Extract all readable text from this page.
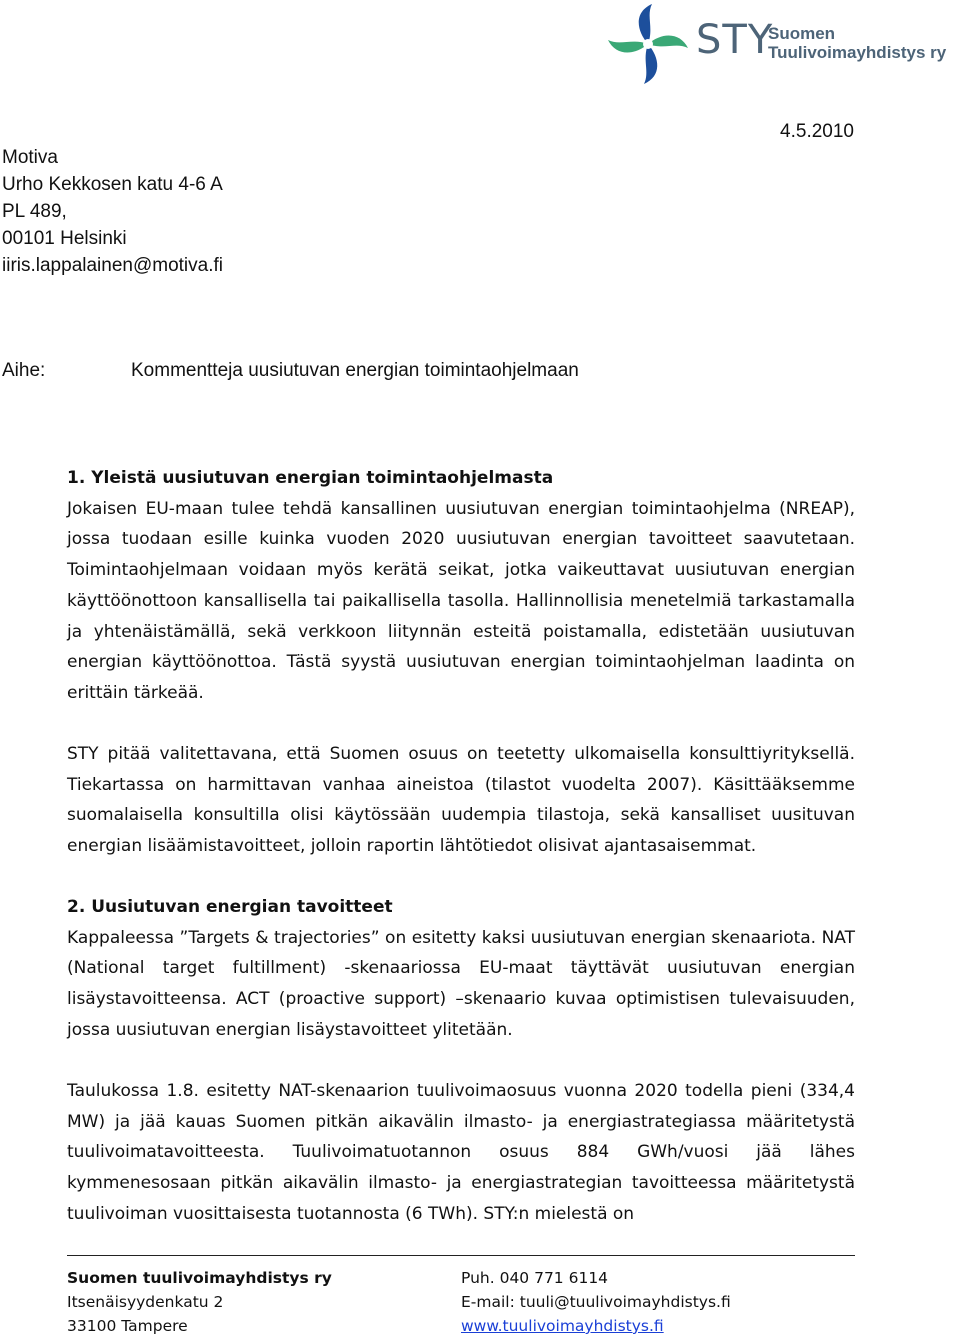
STY
Suomen
Tuulivoimayhdistys ry
4.5.2010
Motiva
Urho Kekkosen katu 4-6 A
PL 489,
00101 Helsinki
iiris.lappalainen@motiva.fi
Aihe:	Kommentteja uusiutuvan energian toimintaohjelmaan

1. Yleistä uusiutuvan energian toimintaohjelmasta

Jokaisen EU-maan tulee tehdä kansallinen uusiutuvan energian toimintaohjelma (NREAP), jossa tuodaan esille kuinka vuoden 2020 uusiutuvan energian tavoitteet saavutetaan. Toimintaohjelmaan voidaan myös kerätä seikat, jotka vaikeuttavat uusiutuvan energian käyttöönottoon kansallisella tai paikallisella tasolla. Hallinnollisia menetelmiä tarkastamalla ja yhtenäistämällä, sekä verkkoon liitynnän esteitä poistamalla, edistetään uusiutuvan energian käyttöönottoa. Tästä syystä uusiutuvan energian toimintaohjelman laadinta on erittäin tärkeää.

STY pitää valitettavana, että Suomen osuus on teetetty ulkomaisella konsulttiyrityksellä. Tiekartassa on harmittavan vanhaa aineistoa (tilastot vuodelta 2007). Käsittääksemme suomalaisella konsultilla olisi käytössään uudempia tilastoja, sekä kansalliset uusituvan energian lisäämistavoitteet, jolloin raportin lähtötiedot olisivat ajantasaisemmat.

2. Uusiutuvan energian tavoitteet

Kappaleessa ”Targets & trajectories” on esitetty kaksi uusiutuvan energian skenaariota. NAT (National target fultillment) -skenaariossa EU-maat täyttävät uusiutuvan energian lisäystavoitteensa. ACT (proactive support) –skenaario kuvaa optimistisen tulevaisuuden, jossa uusiutuvan energian lisäystavoitteet ylitetään.

Taulukossa 1.8. esitetty NAT-skenaarion tuulivoimaosuus vuonna 2020 todella pieni (334,4 MW) ja jää kauas Suomen pitkän aikavälin ilmasto- ja energiastrategiassa määritetystä tuulivoimatavoitteesta. Tuulivoimatuotannon osuus 884 GWh/vuosi jää lähes kymmenesosaan pitkän aikavälin ilmasto- ja energiastrategian tavoitteessa määritetystä tuulivoiman vuosittaisesta tuotannosta (6 TWh). STY:n mielestä on

Suomen tuulivoimayhdistys ry
Itsenäisyydenkatu 2
33100 Tampere
Puh. 040 771 6114
E-mail: tuuli@tuulivoimayhdistys.fi
www.tuulivoimayhdistys.fi
